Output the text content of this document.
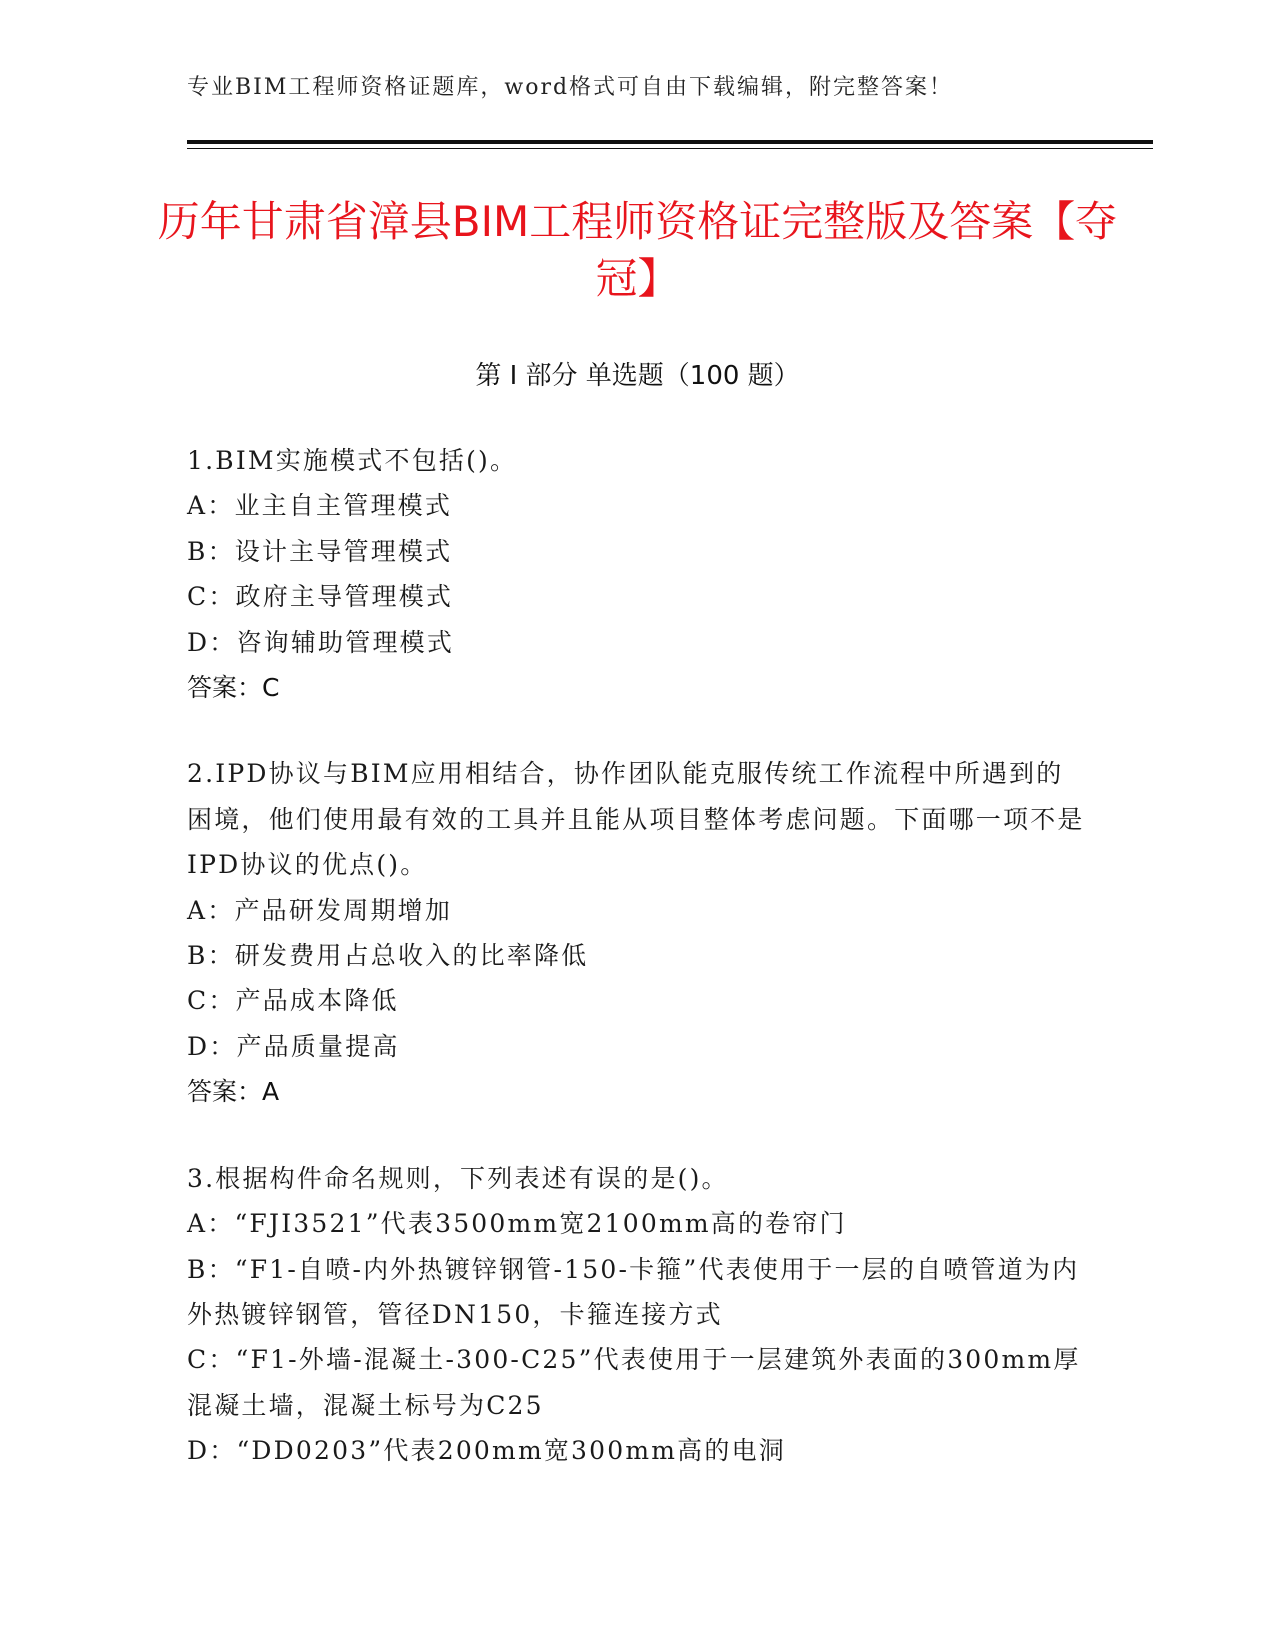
专业BIM工程师资格证题库，word格式可自由下载编辑，附完整答案！
历年甘肃省漳县BIM工程师资格证完整版及答案【夺冠】
第 I 部分 单选题（100 题）
1.BIM实施模式不包括()。
A：业主自主管理模式
B：设计主导管理模式
C：政府主导管理模式
D：咨询辅助管理模式
答案：C
2.IPD协议与BIM应用相结合，协作团队能克服传统工作流程中所遇到的困境，他们使用最有效的工具并且能从项目整体考虑问题。下面哪一项不是IPD协议的优点()。
A：产品研发周期增加
B：研发费用占总收入的比率降低
C：产品成本降低
D：产品质量提高
答案：A
3.根据构件命名规则，下列表述有误的是()。
A：“FJI3521”代表3500mm宽2100mm高的卷帘门
B：“F1-自喷-内外热镀锌钢管-150-卡箍”代表使用于一层的自喷管道为内外热镀锌钢管，管径DN150，卡箍连接方式
C：“F1-外墙-混凝土-300-C25”代表使用于一层建筑外表面的300mm厚混凝土墙，混凝土标号为C25
D：“DD0203”代表200mm宽300mm高的电洞
